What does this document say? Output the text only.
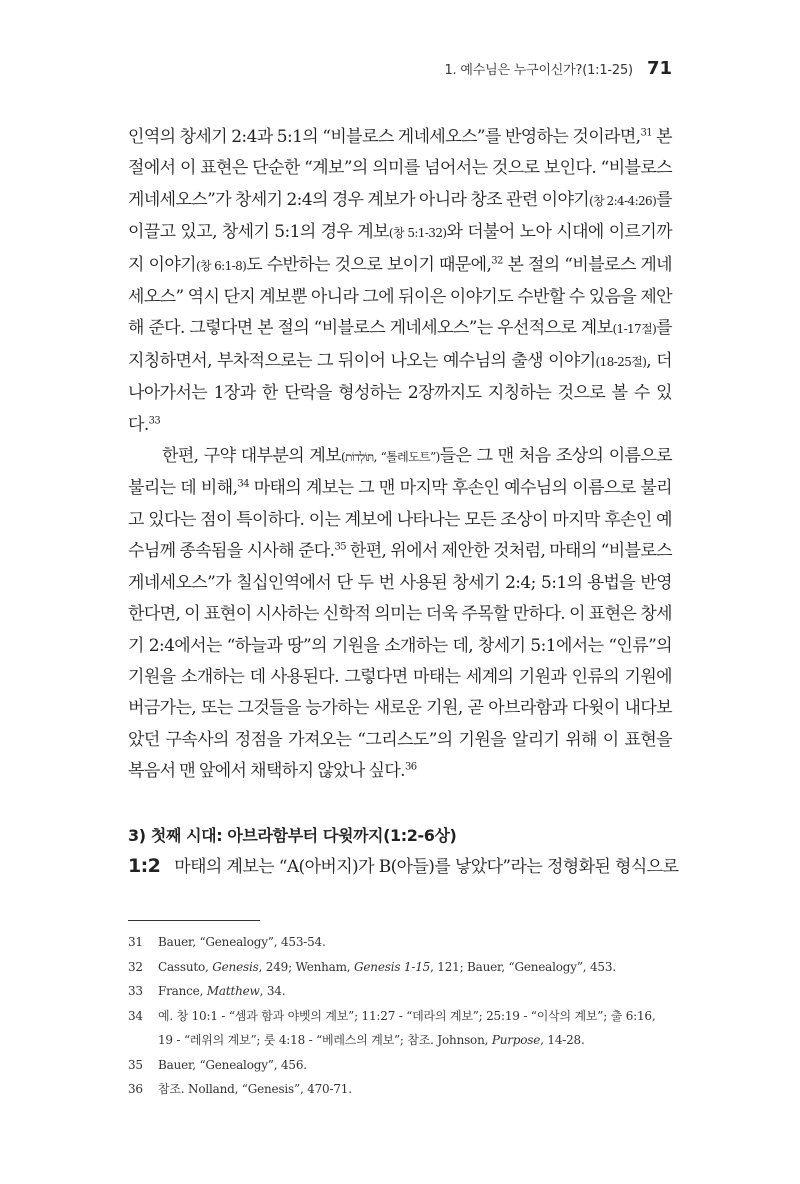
1. 예수님은 누구이신가?(1:1-25) 71

인역의 창세기 2:4과 5:1의 “비블로스 게네세오스”를 반영하는 것이라면,$^{31}$ 본 절에서 이 표현은 단순한 “계보”의 의미를 넘어서는 것으로 보인다. “비블로스 게네세오스”가 창세기 2:4의 경우 계보가 아니라 창조 관련 이야기(창 2:4-4:26)를 이끌고 있고, 창세기 5:1의 경우 계보(창 5:1-32)와 더불어 노아 시대에 이르기까지 이야기(창 6:1-8)도 수반하는 것으로 보이기 때문에,$^{32}$ 본 절의 “비블로스 게네세오스” 역시 단지 계보뿐 아니라 그에 뒤이은 이야기도 수반할 수 있음을 제안해 준다. 그렇다면 본 절의 “비블로스 게네세오스”는 우선적으로 계보(1-17절)를 지칭하면서, 부차적으로는 그 뒤이어 나오는 예수님의 출생 이야기(18-25절), 더 나아가서는 1장과 한 단락을 형성하는 2장까지도 지칭하는 것으로 볼 수 있다.$^{33}$

한편, 구약 대부분의 계보(תּוֹלְדוֹת, “톨레도트”)들은 그 맨 처음 조상의 이름으로 불리는 데 비해,$^{34}$ 마태의 계보는 그 맨 마지막 후손인 예수님의 이름으로 불리고 있다는 점이 특이하다. 이는 계보에 나타나는 모든 조상이 마지막 후손인 예수님께 종속됨을 시사해 준다.$^{35}$ 한편, 위에서 제안한 것처럼, 마태의 “비블로스 게네세오스”가 칠십인역에서 단 두 번 사용된 창세기 2:4; 5:1의 용법을 반영한다면, 이 표현이 시사하는 신학적 의미는 더욱 주목할 만하다. 이 표현은 창세기 2:4에서는 “하늘과 땅”의 기원을 소개하는 데, 창세기 5:1에서는 “인류”의 기원을 소개하는 데 사용된다. 그렇다면 마태는 세계의 기원과 인류의 기원에 버금가는, 또는 그것들을 능가하는 새로운 기원, 곧 아브라함과 다윗이 내다보았던 구속사의 정점을 가져오는 “그리스도”의 기원을 알리기 위해 이 표현을 복음서 맨 앞에서 채택하지 않았나 싶다.$^{36}$

3) 첫째 시대: 아브라함부터 다윗까지(1:2-6상)
1:2 마태의 계보는 “A(아버지)가 B(아들)를 낳았다”라는 정형화된 형식으로
31	Bauer, “Genealogy”, 453-54.
32	Cassuto, Genesis, 249; Wenham, Genesis 1-15, 121; Bauer, “Genealogy”, 453.
33	France, Matthew, 34.
34	예. 창 10:1 - “셈과 함과 야벳의 계보”; 11:27 - “데라의 계보”; 25:19 - “이삭의 계보”; 출 6:16, 19 - “레위의 계보”; 룻 4:18 - “베레스의 계보”; 참조. Johnson, Purpose, 14-28.
35	Bauer, “Genealogy”, 456.
36	참조. Nolland, “Genesis”, 470-71.
